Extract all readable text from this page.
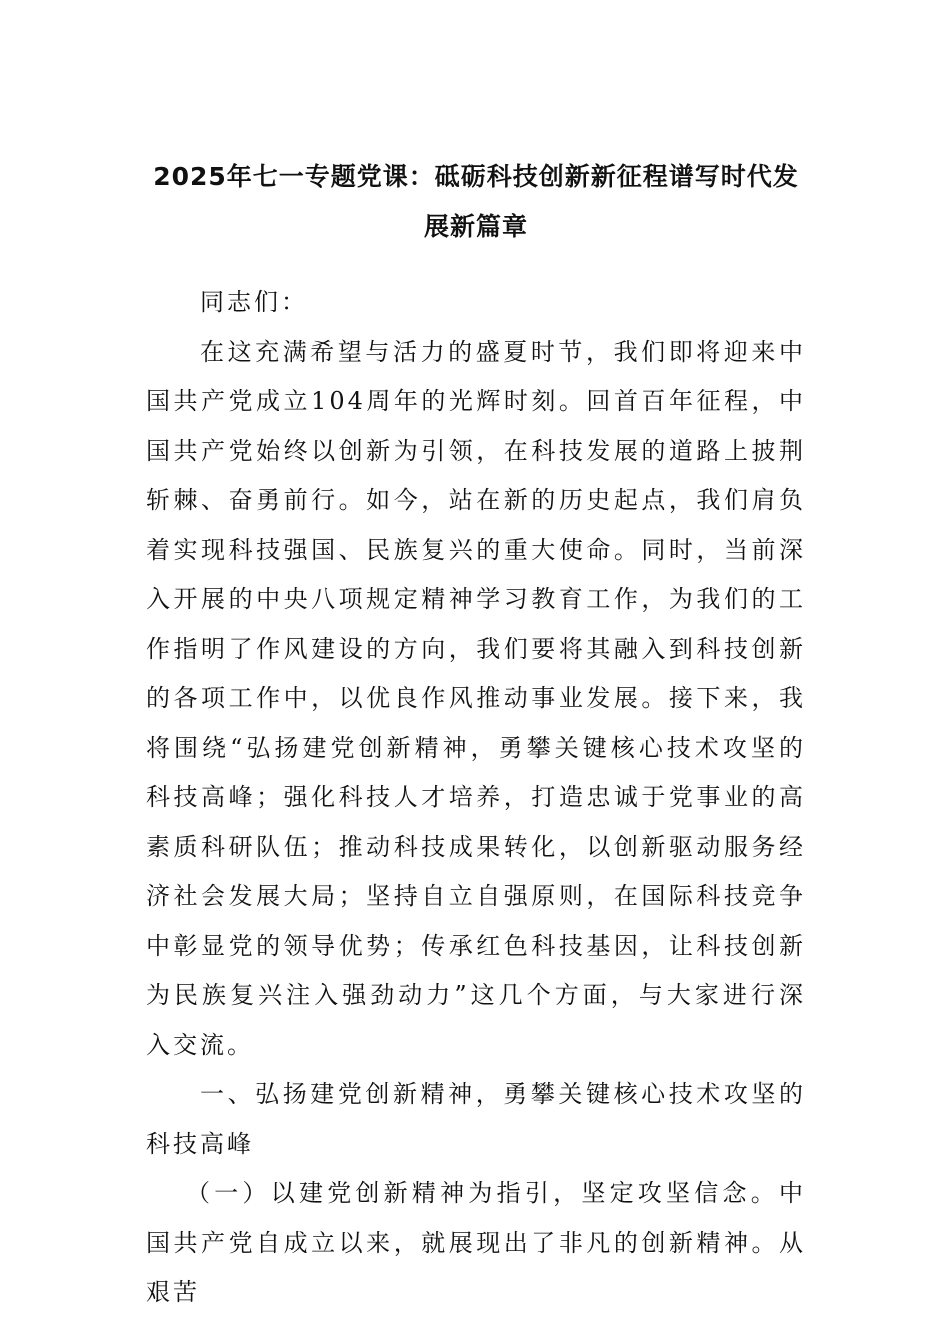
2025年七一专题党课：砥砺科技创新新征程谱写时代发展新篇章

同志们：

在这充满希望与活力的盛夏时节，我们即将迎来中国共产党成立104周年的光辉时刻。回首百年征程，中国共产党始终以创新为引领，在科技发展的道路上披荆斩棘、奋勇前行。如今，站在新的历史起点，我们肩负着实现科技强国、民族复兴的重大使命。同时，当前深入开展的中央八项规定精神学习教育工作，为我们的工作指明了作风建设的方向，我们要将其融入到科技创新的各项工作中，以优良作风推动事业发展。接下来，我将围绕“弘扬建党创新精神，勇攀关键核心技术攻坚的科技高峰；强化科技人才培养，打造忠诚于党事业的高素质科研队伍；推动科技成果转化，以创新驱动服务经济社会发展大局；坚持自立自强原则，在国际科技竞争中彰显党的领导优势；传承红色科技基因，让科技创新为民族复兴注入强劲动力”这几个方面，与大家进行深入交流。

一、弘扬建党创新精神，勇攀关键核心技术攻坚的科技高峰

（一）以建党创新精神为指引，坚定攻坚信念。中国共产党自成立以来，就展现出了非凡的创新精神。从艰苦
